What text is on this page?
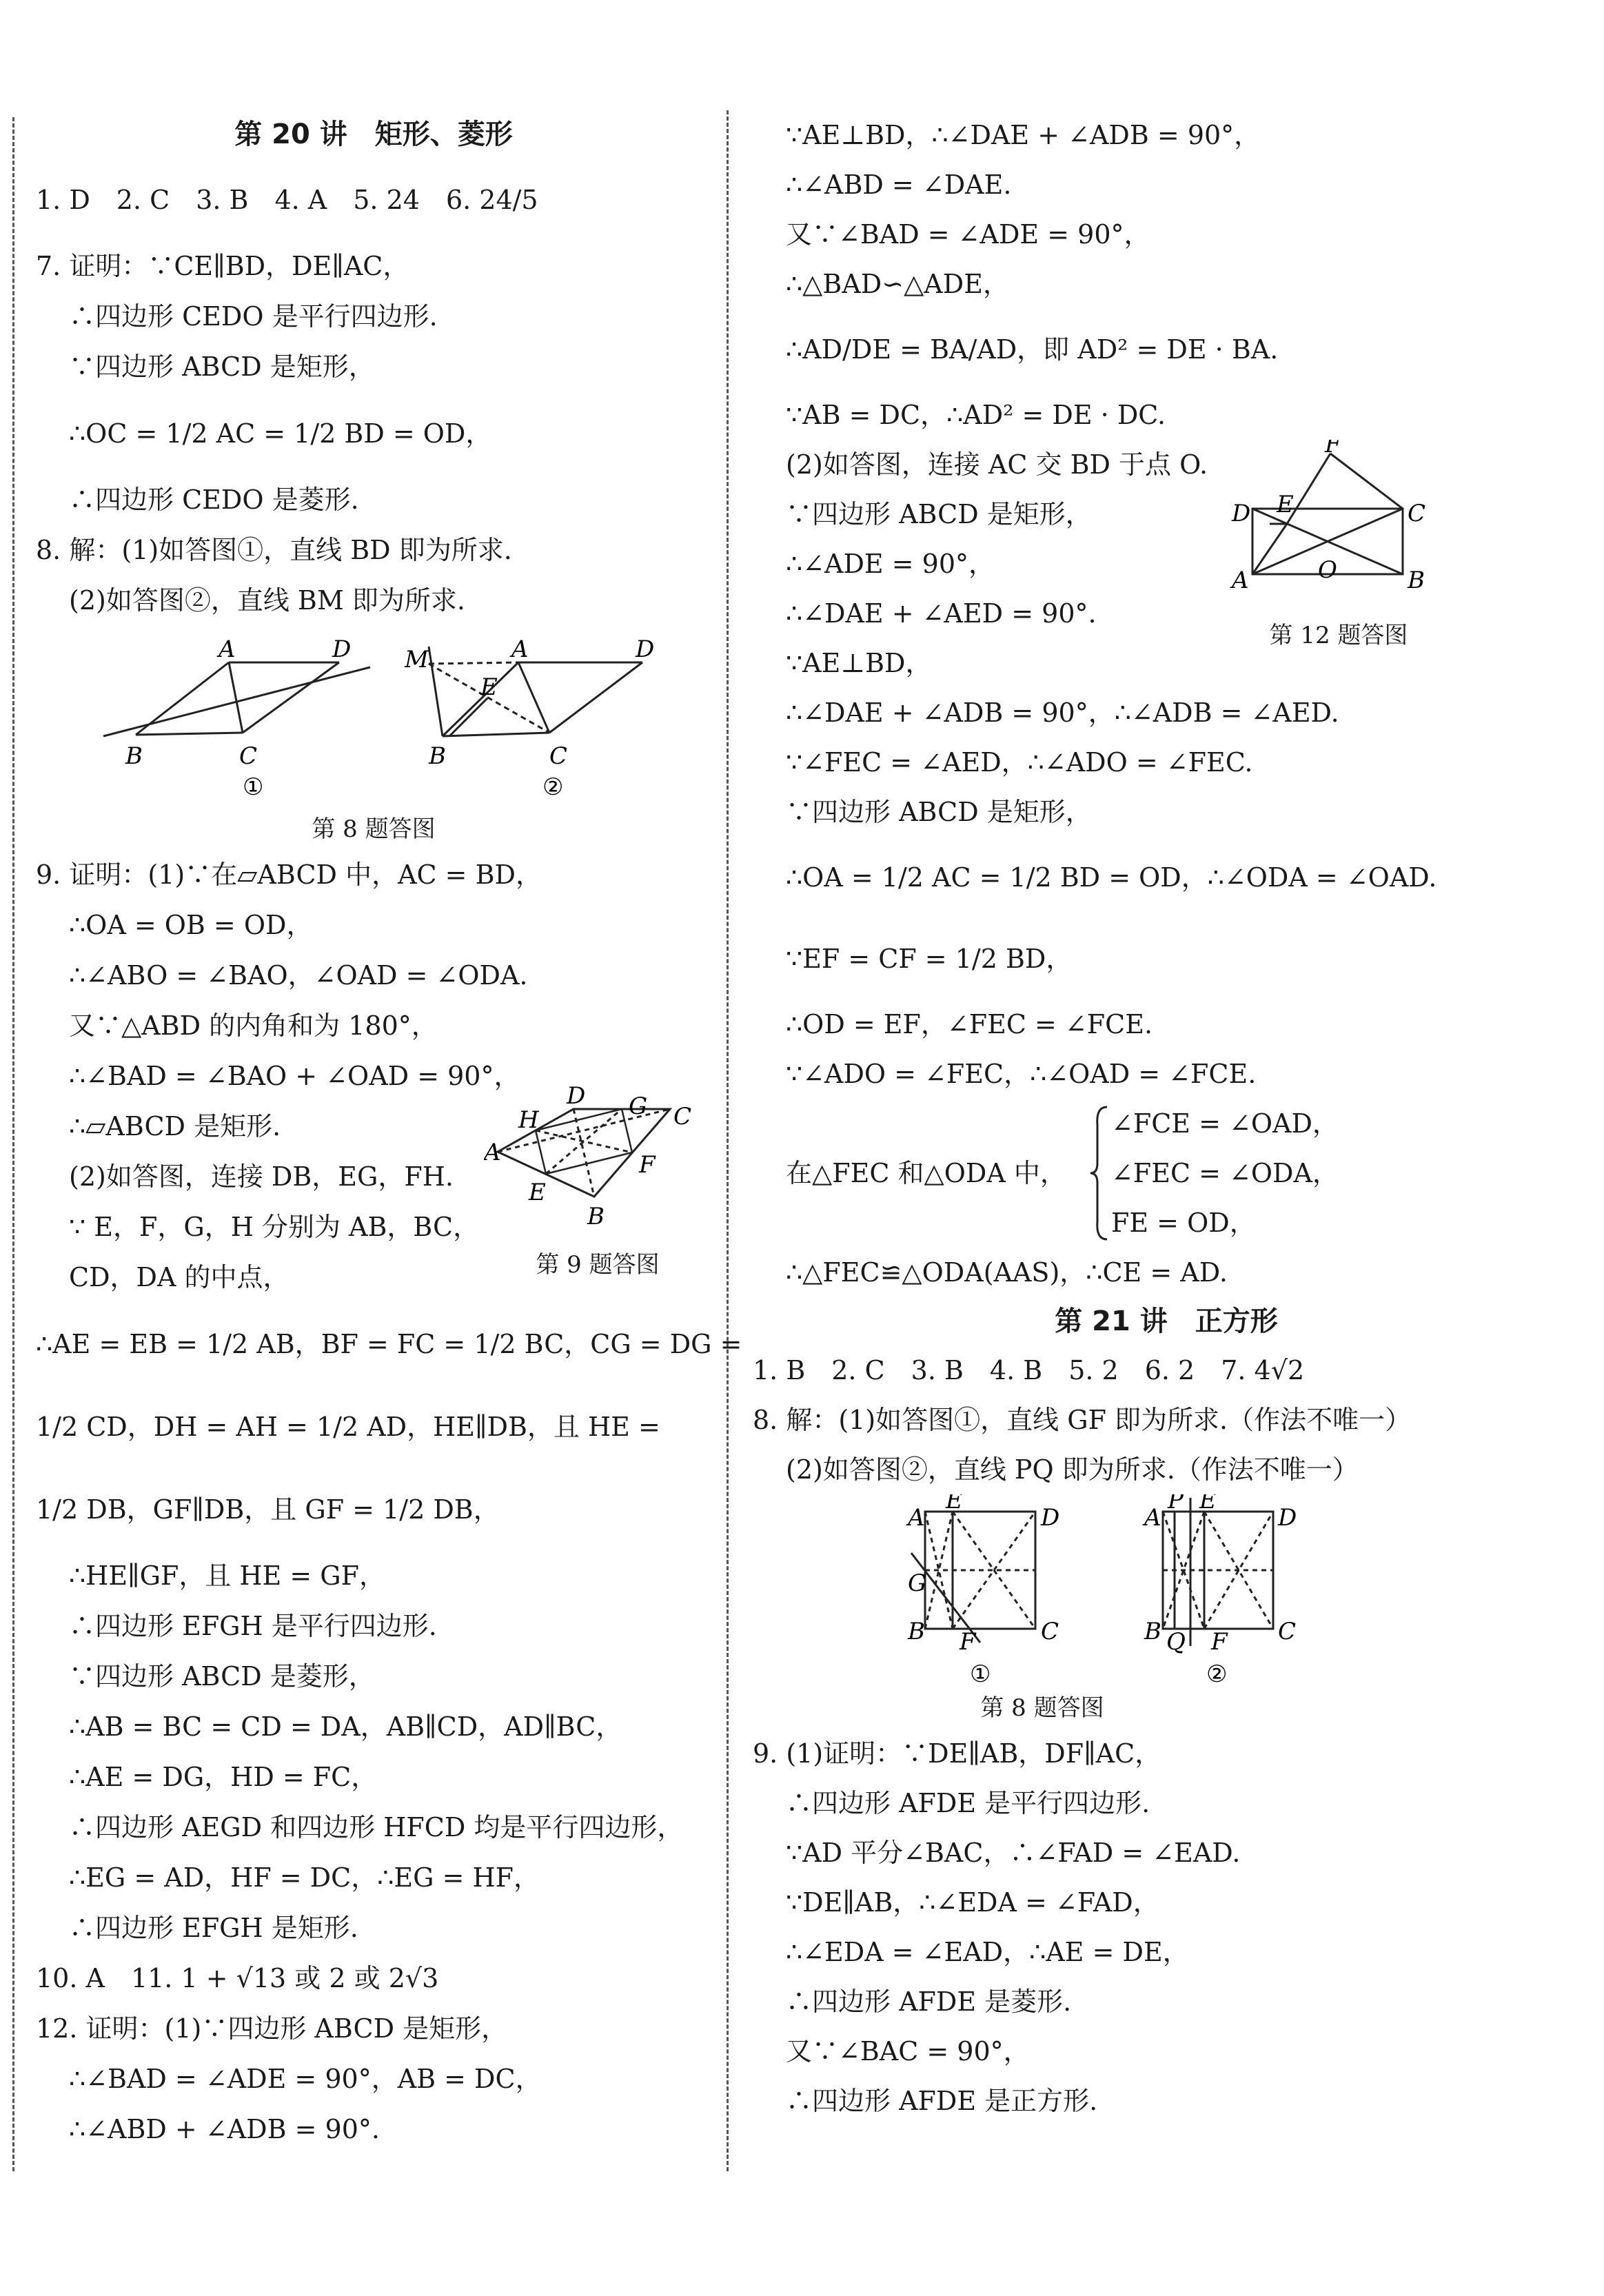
第 20 讲　矩形、菱形

1. D　2. C　3. B　4. A　5. 24　6. 24/5

7. 证明：∵CE∥BD，DE∥AC，

∴四边形 CEDO 是平行四边形.

∵四边形 ABCD 是矩形，

∴OC = 1/2 AC = 1/2 BD = OD，

∴四边形 CEDO 是菱形.

8. 解：(1)如答图①，直线 BD 即为所求.

(2)如答图②，直线 BM 即为所求.

A	D
B	C
M
E
A	D
B	C
①	②

第 8 题答图

9. 证明：(1)∵在▱ABCD 中，AC = BD，

∴OA = OB = OD，

∴∠ABO = ∠BAO，∠OAD = ∠ODA.

又∵△ABD 的内角和为 180°，

∴∠BAD = ∠BAO + ∠OAD = 90°，

∴▱ABCD 是矩形.

(2)如答图，连接 DB，EG，FH.

∵ E，F，G，H 分别为 AB，BC，

CD，DA 的中点，

A
D
C
B
H	G
F
E

第 9 题答图

∴AE = EB = 1/2 AB，BF = FC = 1/2 BC，CG = DG =

1/2 CD，DH = AH = 1/2 AD，HE∥DB，且 HE =

1/2 DB，GF∥DB，且 GF = 1/2 DB，

∴HE∥GF，且 HE = GF，

∴四边形 EFGH 是平行四边形.

∵四边形 ABCD 是菱形，

∴AB = BC = CD = DA，AB∥CD，AD∥BC，

∴AE = DG，HD = FC，

∴四边形 AEGD 和四边形 HFCD 均是平行四边形，

∴EG = AD，HF = DC，∴EG = HF，

∴四边形 EFGH 是矩形.

10. A　11. 1 + √13 或 2 或 2√3

12. 证明：(1)∵四边形 ABCD 是矩形，

∴∠BAD = ∠ADE = 90°，AB = DC，

∴∠ABD + ∠ADB = 90°.

∵AE⊥BD，∴∠DAE + ∠ADB = 90°，

∴∠ABD = ∠DAE.

又∵∠BAD = ∠ADE = 90°，

∴△BAD∽△ADE，

∴AD/DE = BA/AD，即 AD² = DE · BA.

∵AB = DC，∴AD² = DE · DC.

(2)如答图，连接 AC 交 BD 于点 O.

∵四边形 ABCD 是矩形，

∴∠ADE = 90°，

∴∠DAE + ∠AED = 90°.

F
D E	C
A	O	B

第 12 题答图

∵AE⊥BD，

∴∠DAE + ∠ADB = 90°，∴∠ADB = ∠AED.

∵∠FEC = ∠AED，∴∠ADO = ∠FEC.

∵四边形 ABCD 是矩形，

∴OA = 1/2 AC = 1/2 BD = OD，∴∠ODA = ∠OAD.

∵EF = CF = 1/2 BD，

∴OD = EF，∠FEC = ∠FCE.

∵∠ADO = ∠FEC，∴∠OAD = ∠FCE.

在△FEC 和△ODA 中，

∠FCE = ∠OAD，

∠FEC = ∠ODA，

FE = OD，

∴△FEC≌△ODA(AAS)，∴CE = AD.

第 21 讲　正方形

1. B　2. C　3. B　4. B　5. 2　6. 2　7. 4√2

8. 解：(1)如答图①，直线 GF 即为所求.（作法不唯一）

(2)如答图②，直线 PQ 即为所求.（作法不唯一）

A
E
D
G
B F	C
①
A
P E
D
B Q F C
②

第 8 题答图

9. (1)证明：∵DE∥AB，DF∥AC，

∴四边形 AFDE 是平行四边形.

∵AD 平分∠BAC，∴∠FAD = ∠EAD.

∵DE∥AB，∴∠EDA = ∠FAD，

∴∠EDA = ∠EAD，∴AE = DE，

∴四边形 AFDE 是菱形.

又∵∠BAC = 90°，

∴四边形 AFDE 是正方形.
